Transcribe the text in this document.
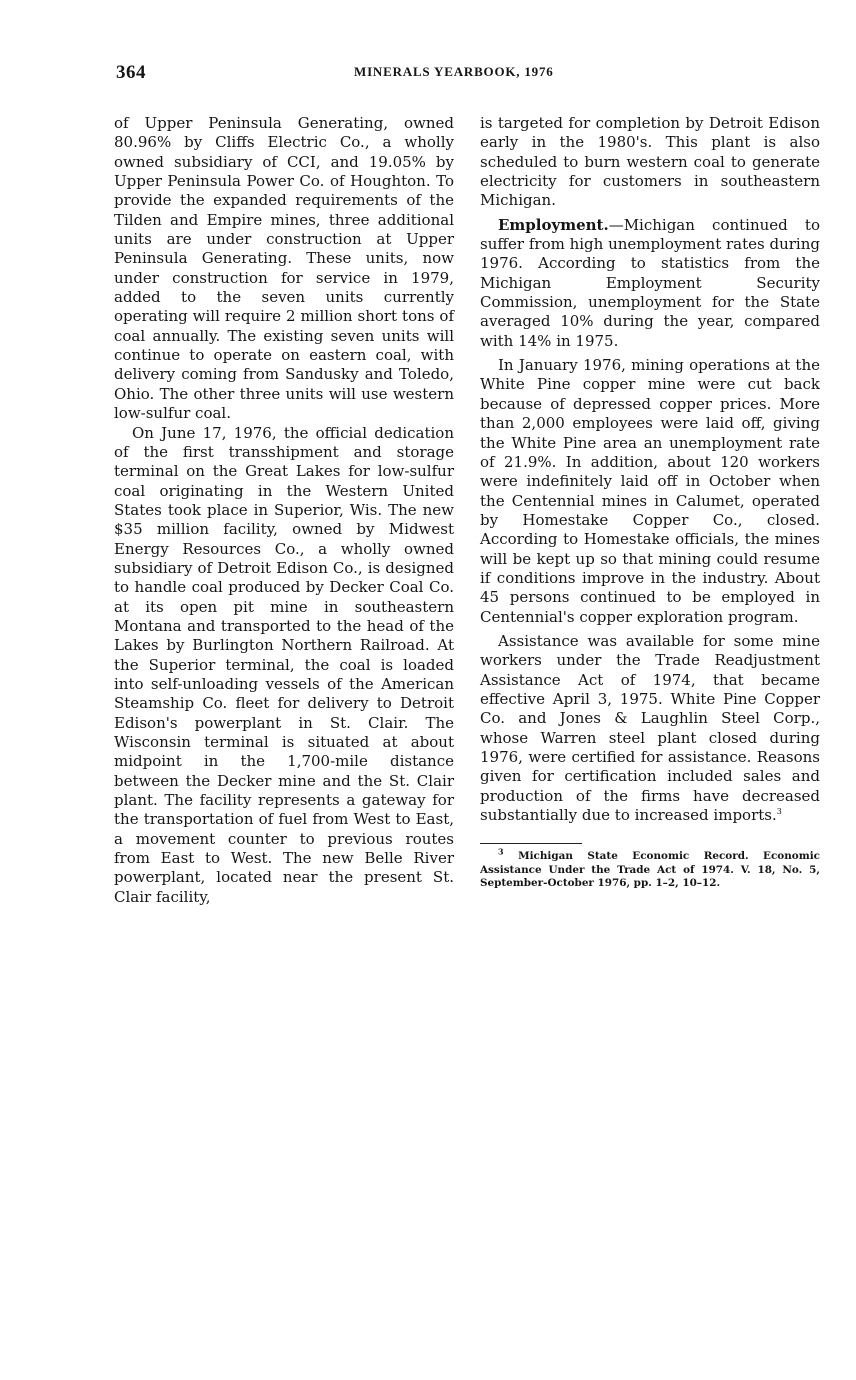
364	MINERALS YEARBOOK, 1976

of Upper Peninsula Generating, owned 80.96% by Cliffs Electric Co., a wholly owned subsidiary of CCI, and 19.05% by Upper Peninsula Power Co. of Houghton. To provide the expanded requirements of the Tilden and Empire mines, three additional units are under construction at Upper Peninsula Generating. These units, now under construction for service in 1979, added to the seven units currently operating will require 2 million short tons of coal annually. The existing seven units will continue to operate on eastern coal, with delivery coming from Sandusky and Toledo, Ohio. The other three units will use western low-sulfur coal.

On June 17, 1976, the official dedication of the first transshipment and storage terminal on the Great Lakes for low-sulfur coal originating in the Western United States took place in Superior, Wis. The new $35 million facility, owned by Midwest Energy Resources Co., a wholly owned subsidiary of Detroit Edison Co., is designed to handle coal produced by Decker Coal Co. at its open pit mine in southeastern Montana and transported to the head of the Lakes by Burlington Northern Railroad. At the Superior terminal, the coal is loaded into self-unloading vessels of the American Steamship Co. fleet for delivery to Detroit Edison's powerplant in St. Clair. The Wisconsin terminal is situated at about midpoint in the 1,700-mile distance between the Decker mine and the St. Clair plant. The facility represents a gateway for the transportation of fuel from West to East, a movement counter to previous routes from East to West. The new Belle River powerplant, located near the present St. Clair facility,

is targeted for completion by Detroit Edison early in the 1980's. This plant is also scheduled to burn western coal to generate electricity for customers in southeastern Michigan.

Employment.—Michigan continued to suffer from high unemployment rates during 1976. According to statistics from the Michigan Employment Security Commission, unemployment for the State averaged 10% during the year, compared with 14% in 1975.

In January 1976, mining operations at the White Pine copper mine were cut back because of depressed copper prices. More than 2,000 employees were laid off, giving the White Pine area an unemployment rate of 21.9%. In addition, about 120 workers were indefinitely laid off in October when the Centennial mines in Calumet, operated by Homestake Copper Co., closed. According to Homestake officials, the mines will be kept up so that mining could resume if conditions improve in the industry. About 45 persons continued to be employed in Centennial's copper exploration program.

Assistance was available for some mine workers under the Trade Readjustment Assistance Act of 1974, that became effective April 3, 1975. White Pine Copper Co. and Jones & Laughlin Steel Corp., whose Warren steel plant closed during 1976, were certified for assistance. Reasons given for certification included sales and production of the firms have decreased substantially due to increased imports.$^3$

$^3$ Michigan State Economic Record. Economic Assistance Under the Trade Act of 1974. V. 18, No. 5, September-October 1976, pp. 1–2, 10–12.
